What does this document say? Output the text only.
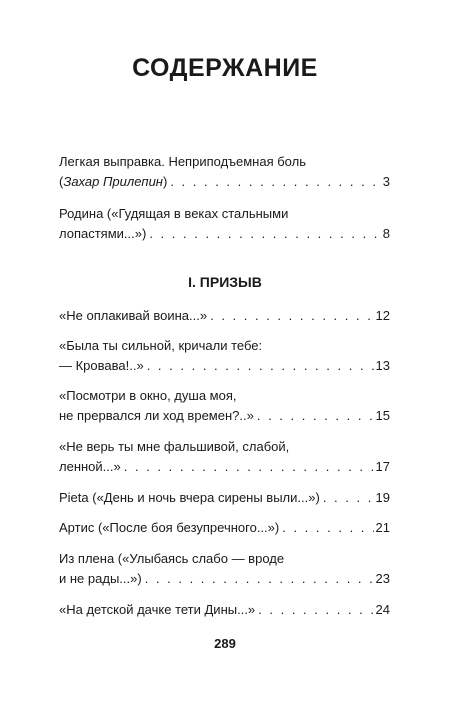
СОДЕРЖАНИЕ
Легкая выправка. Неприподъемная боль
(Захар Прилепин) . . .	3
Родина («Гудящая в веках стальными
лопастями...») . . .	8
I. ПРИЗЫВ
«Не оплакивай воина...» . . .	12
«Была ты сильной, кричали тебе:
— Кровава!..» . . .	13
«Посмотри в окно, душа моя,
не прервался ли ход времен?..» . . .	15
«Не верь ты мне фальшивой, слабой,
ленной...» . . .	17
Pieta («День и ночь вчера сирены выли...») . . .	19
Артис («После боя безупречного...») . . .	21
Из плена («Улыбаясь слабо — вроде
и не рады...») . . .	23
«На детской дачке тети Дины...» . . .	24
289
